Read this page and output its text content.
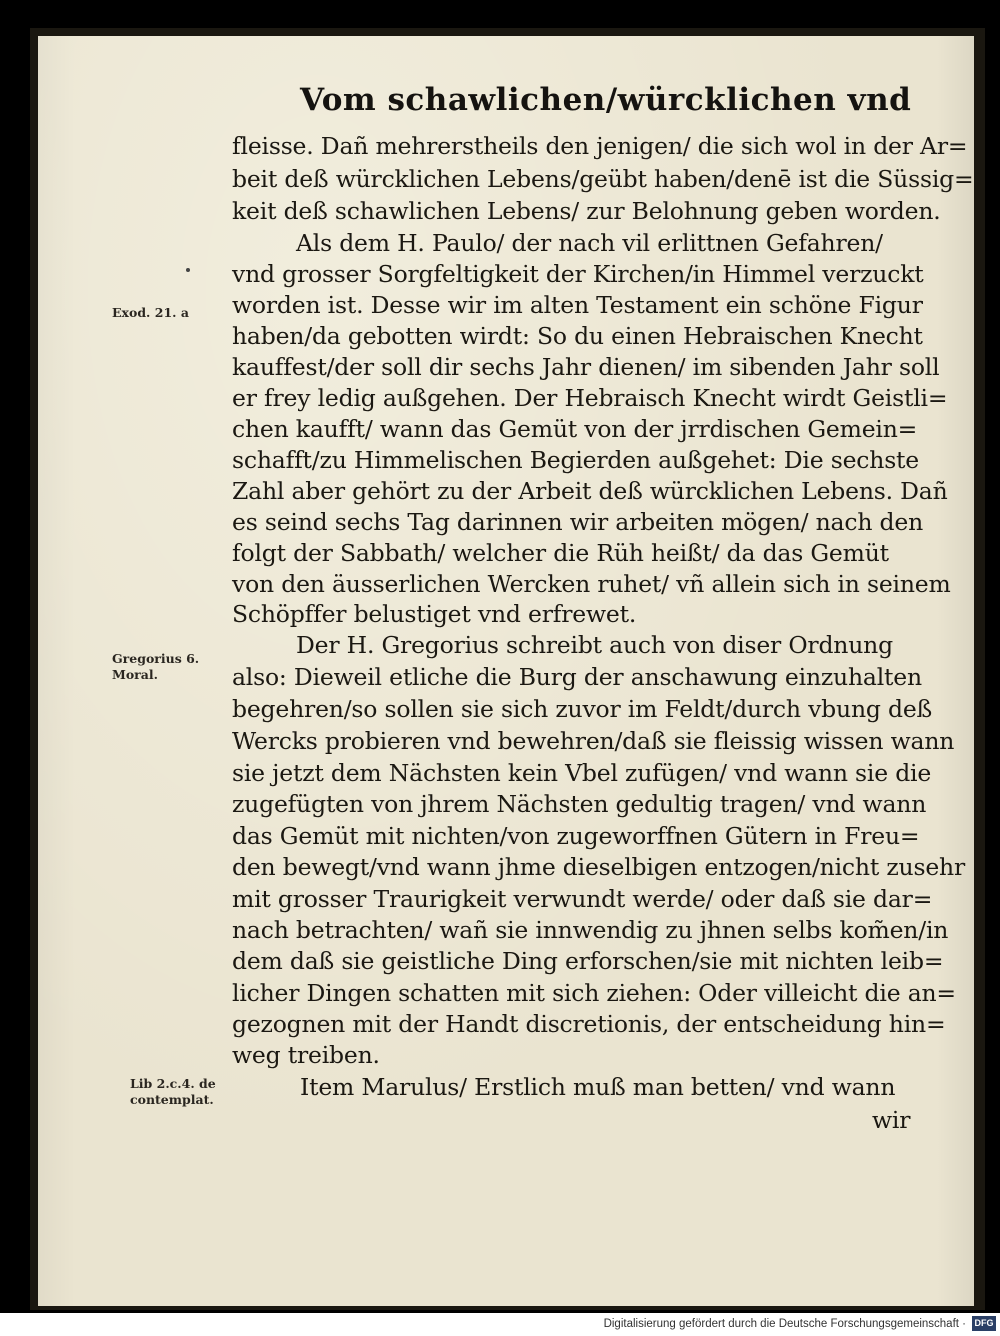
Vom schawlichen/würcklichen vnd
fleisse. Dañ mehrerstheils den jenigen/ die sich wol in der Ar=
beit deß würcklichen Lebens/geübt haben/denē ist die Süssig=
keit deß schawlichen Lebens/ zur Belohnung geben worden.
Als dem H. Paulo/ der nach vil erlittnen Gefahren/
vnd grosser Sorgfeltigkeit der Kirchen/in Himmel verzuckt
worden ist. Desse wir im alten Testament ein schöne Figur
haben/da gebotten wirdt: So du einen Hebraischen Knecht
kauffest/der soll dir sechs Jahr dienen/ im sibenden Jahr soll
er frey ledig außgehen. Der Hebraisch Knecht wirdt Geistli=
chen kaufft/ wann das Gemüt von der jrrdischen Gemein=
schafft/zu Himmelischen Begierden außgehet: Die sechste
Zahl aber gehört zu der Arbeit deß würcklichen Lebens. Dañ
es seind sechs Tag darinnen wir arbeiten mögen/ nach den
folgt der Sabbath/ welcher die Rüh heißt/ da das Gemüt
von den äusserlichen Wercken ruhet/ vñ allein sich in seinem
Schöpffer belustiget vnd erfrewet.
Der H. Gregorius schreibt auch von diser Ordnung
also: Dieweil etliche die Burg der anschawung einzuhalten
begehren/so sollen sie sich zuvor im Feldt/durch vbung deß
Wercks probieren vnd bewehren/daß sie fleissig wissen wann
sie jetzt dem Nächsten kein Vbel zufügen/ vnd wann sie die
zugefügten von jhrem Nächsten gedultig tragen/ vnd wann
das Gemüt mit nichten/von zugeworffnen Gütern in Freu=
den bewegt/vnd wann jhme dieselbigen entzogen/nicht zusehr
mit grosser Traurigkeit verwundt werde/ oder daß sie dar=
nach betrachten/ wañ sie innwendig zu jhnen selbs kom̃en/in
dem daß sie geistliche Ding erforschen/sie mit nichten leib=
licher Dingen schatten mit sich ziehen: Oder villeicht die an=
gezognen mit der Handt discretionis, der entscheidung hin=
weg treiben.
Item Marulus/ Erstlich muß man betten/ vnd wann
wir
Exod. 21. a
Gregorius 6. Moral.
Lib 2.c.4. de contemplat.
Digitalisierung gefördert durch die Deutsche Forschungsgemeinschaft · DFG
